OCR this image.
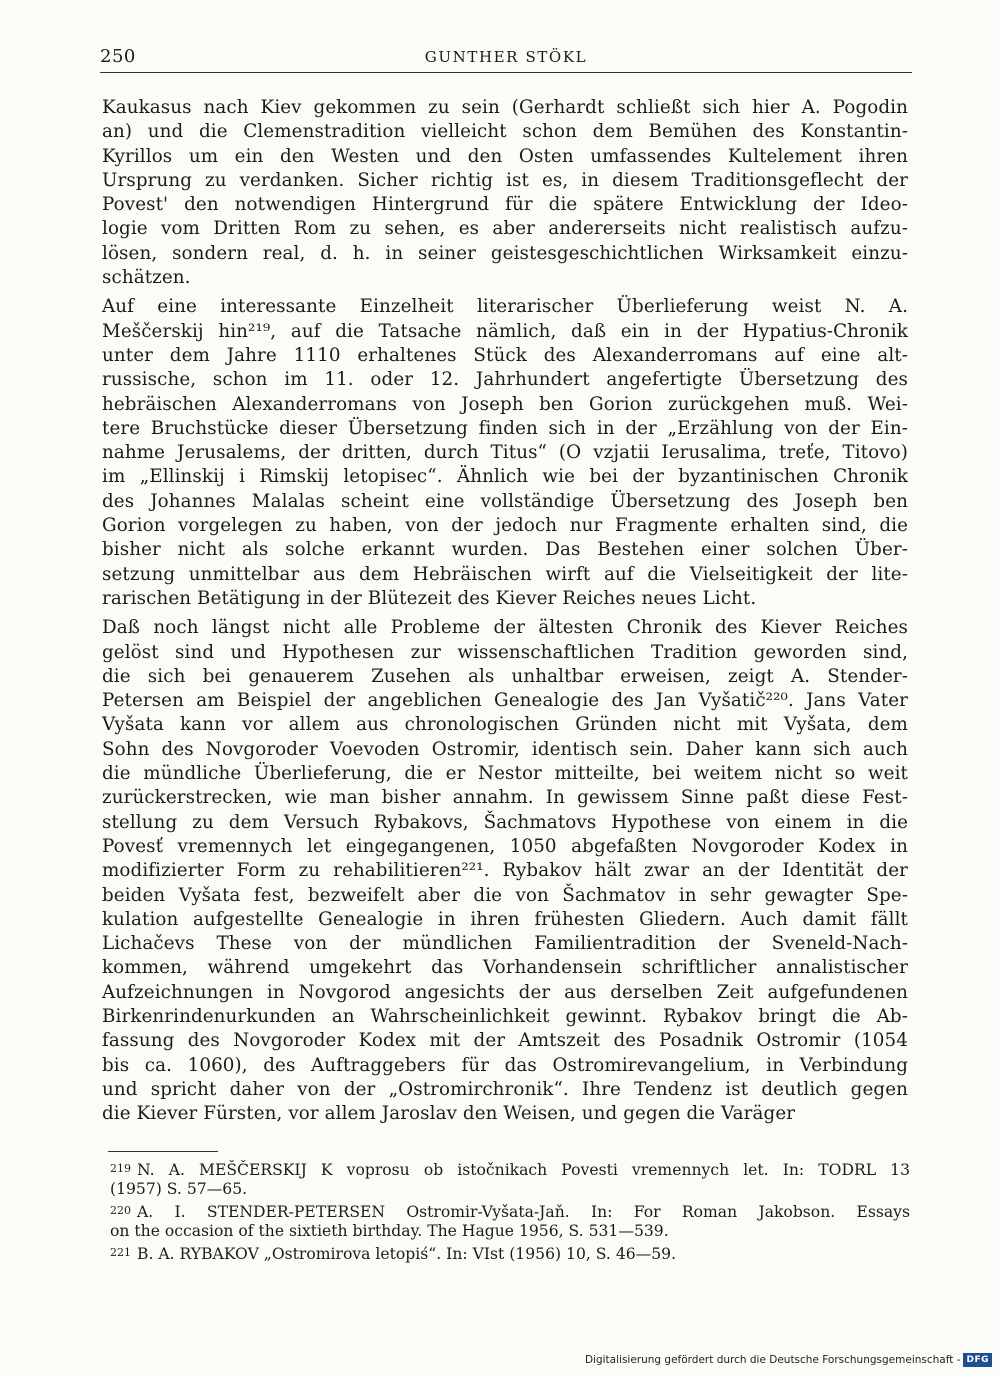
250	GUNTHER STÖKL
Kaukasus nach Kiev gekommen zu sein (Gerhardt schließt sich hier A. Pogodin
an) und die Clemenstradition vielleicht schon dem Bemühen des Konstantin-
Kyrillos um ein den Westen und den Osten umfassendes Kultelement ihren
Ursprung zu verdanken. Sicher richtig ist es, in diesem Traditionsgeflecht der
Povest' den notwendigen Hintergrund für die spätere Entwicklung der Ideo-
logie vom Dritten Rom zu sehen, es aber andererseits nicht realistisch aufzu-
lösen, sondern real, d. h. in seiner geistesgeschichtlichen Wirksamkeit einzu-
schätzen.
Auf eine interessante Einzelheit literarischer Überlieferung weist N. A.
Meščerskij hin²¹⁹, auf die Tatsache nämlich, daß ein in der Hypatius-Chronik
unter dem Jahre 1110 erhaltenes Stück des Alexanderromans auf eine alt-
russische, schon im 11. oder 12. Jahrhundert angefertigte Übersetzung des
hebräischen Alexanderromans von Joseph ben Gorion zurückgehen muß. Wei-
tere Bruchstücke dieser Übersetzung finden sich in der „Erzählung von der Ein-
nahme Jerusalems, der dritten, durch Titus“ (O vzjatii Ierusalima, treťe, Titovo)
im „Ellinskij i Rimskij letopisec“. Ähnlich wie bei der byzantinischen Chronik
des Johannes Malalas scheint eine vollständige Übersetzung des Joseph ben
Gorion vorgelegen zu haben, von der jedoch nur Fragmente erhalten sind, die
bisher nicht als solche erkannt wurden. Das Bestehen einer solchen Über-
setzung unmittelbar aus dem Hebräischen wirft auf die Vielseitigkeit der lite-
rarischen Betätigung in der Blütezeit des Kiever Reiches neues Licht.
Daß noch längst nicht alle Probleme der ältesten Chronik des Kiever Reiches
gelöst sind und Hypothesen zur wissenschaftlichen Tradition geworden sind,
die sich bei genauerem Zusehen als unhaltbar erweisen, zeigt A. Stender-
Petersen am Beispiel der angeblichen Genealogie des Jan Vyšatič²²⁰. Jans Vater
Vyšata kann vor allem aus chronologischen Gründen nicht mit Vyšata, dem
Sohn des Novgoroder Voevoden Ostromir, identisch sein. Daher kann sich auch
die mündliche Überlieferung, die er Nestor mitteilte, bei weitem nicht so weit
zurückerstrecken, wie man bisher annahm. In gewissem Sinne paßt diese Fest-
stellung zu dem Versuch Rybakovs, Šachmatovs Hypothese von einem in die
Povesť vremennych let eingegangenen, 1050 abgefaßten Novgoroder Kodex in
modifizierter Form zu rehabilitieren²²¹. Rybakov hält zwar an der Identität der
beiden Vyšata fest, bezweifelt aber die von Šachmatov in sehr gewagter Spe-
kulation aufgestellte Genealogie in ihren frühesten Gliedern. Auch damit fällt
Lichačevs These von der mündlichen Familientradition der Sveneld-Nach-
kommen, während umgekehrt das Vorhandensein schriftlicher annalistischer
Aufzeichnungen in Novgorod angesichts der aus derselben Zeit aufgefundenen
Birkenrindenurkunden an Wahrscheinlichkeit gewinnt. Rybakov bringt die Ab-
fassung des Novgoroder Kodex mit der Amtszeit des Posadnik Ostromir (1054
bis ca. 1060), des Auftraggebers für das Ostromirevangelium, in Verbindung
und spricht daher von der „Ostromirchronik“. Ihre Tendenz ist deutlich gegen
die Kiever Fürsten, vor allem Jaroslav den Weisen, und gegen die Varäger
219 N. A. MEŠČERSKIJ K voprosu ob istočnikach Povesti vremennych let. In: TODRL 13
(1957) S. 57—65.
220 A. I. STENDER-PETERSEN Ostromir-Vyšata-Jaň. In: For Roman Jakobson. Essays
on the occasion of the sixtieth birthday. The Hague 1956, S. 531—539.
221 B. A. RYBAKOV „Ostromirova letopiś“. In: VIst (1956) 10, S. 46—59.
Digitalisierung gefördert durch die Deutsche Forschungsgemeinschaft - DFG
